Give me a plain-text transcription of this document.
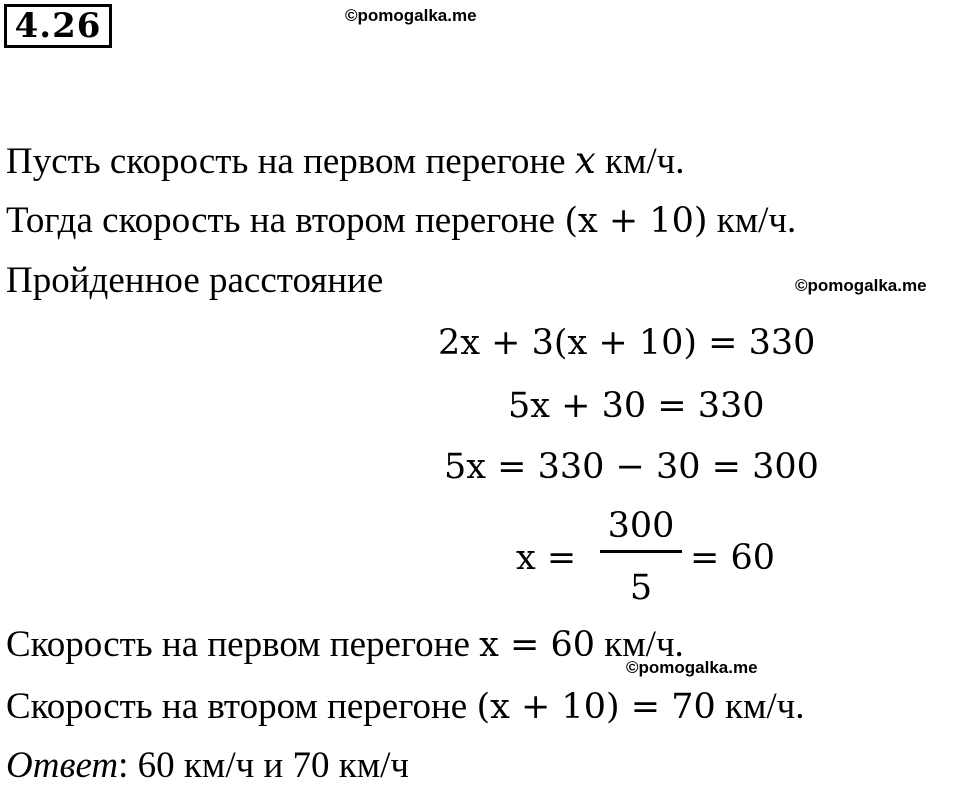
4.26	©pomogalka.me
©pomogalka.me
©pomogalka.me
Пусть скорость на первом перегоне x км/ч.
Тогда скорость на втором перегоне (x + 10) км/ч.
Пройденное расстояние
2x + 3(x + 10) = 330
5x + 30 = 330
5x = 330 − 30 = 300
x =
300
5
= 60
Скорость на первом перегоне x = 60 км/ч.
Скорость на втором перегоне (x + 10) = 70 км/ч.
Ответ: 60 км/ч и 70 км/ч
